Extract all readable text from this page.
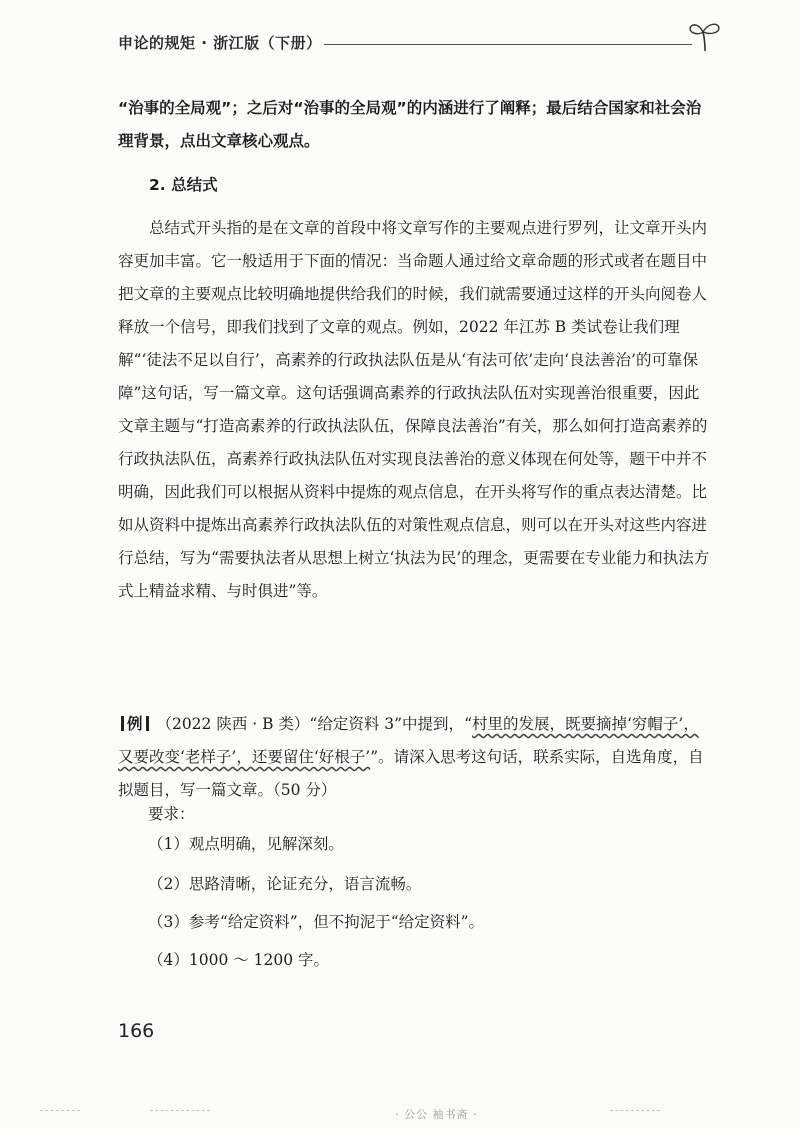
申论的规矩 · 浙江版（下册）

“治事的全局观”；之后对“治事的全局观”的内涵进行了阐释；最后结合国家和社会治理背景，点出文章核心观点。

2. 总结式

总结式开头指的是在文章的首段中将文章写作的主要观点进行罗列，让文章开头内容更加丰富。它一般适用于下面的情况：当命题人通过给文章命题的形式或者在题目中把文章的主要观点比较明确地提供给我们的时候，我们就需要通过这样的开头向阅卷人释放一个信号，即我们找到了文章的观点。例如，2022 年江苏 B 类试卷让我们理解“‘徒法不足以自行’，高素养的行政执法队伍是从‘有法可依’走向‘良法善治’的可靠保障”这句话，写一篇文章。这句话强调高素养的行政执法队伍对实现善治很重要，因此文章主题与“打造高素养的行政执法队伍，保障良法善治”有关，那么如何打造高素养的行政执法队伍，高素养行政执法队伍对实现良法善治的意义体现在何处等，题干中并不明确，因此我们可以根据从资料中提炼的观点信息，在开头将写作的重点表达清楚。比如从资料中提炼出高素养行政执法队伍的对策性观点信息，则可以在开头对这些内容进行总结，写为“需要执法者从思想上树立‘执法为民’的理念，更需要在专业能力和执法方式上精益求精、与时俱进”等。

例 （2022 陕西 · B 类）“给定资料 3”中提到，“村里的发展，既要摘掉‘穷帽子’，又要改变‘老样子’，还要留住‘好根子’”。请深入思考这句话，联系实际，自选角度，自拟题目，写一篇文章。（50 分）

要求：

（1）观点明确，见解深刻。

（2）思路清晰，论证充分，语言流畅。

（3）参考“给定资料”，但不拘泥于“给定资料”。

（4）1000 ～ 1200 字。

166
· 公公 袖书斋 ·
